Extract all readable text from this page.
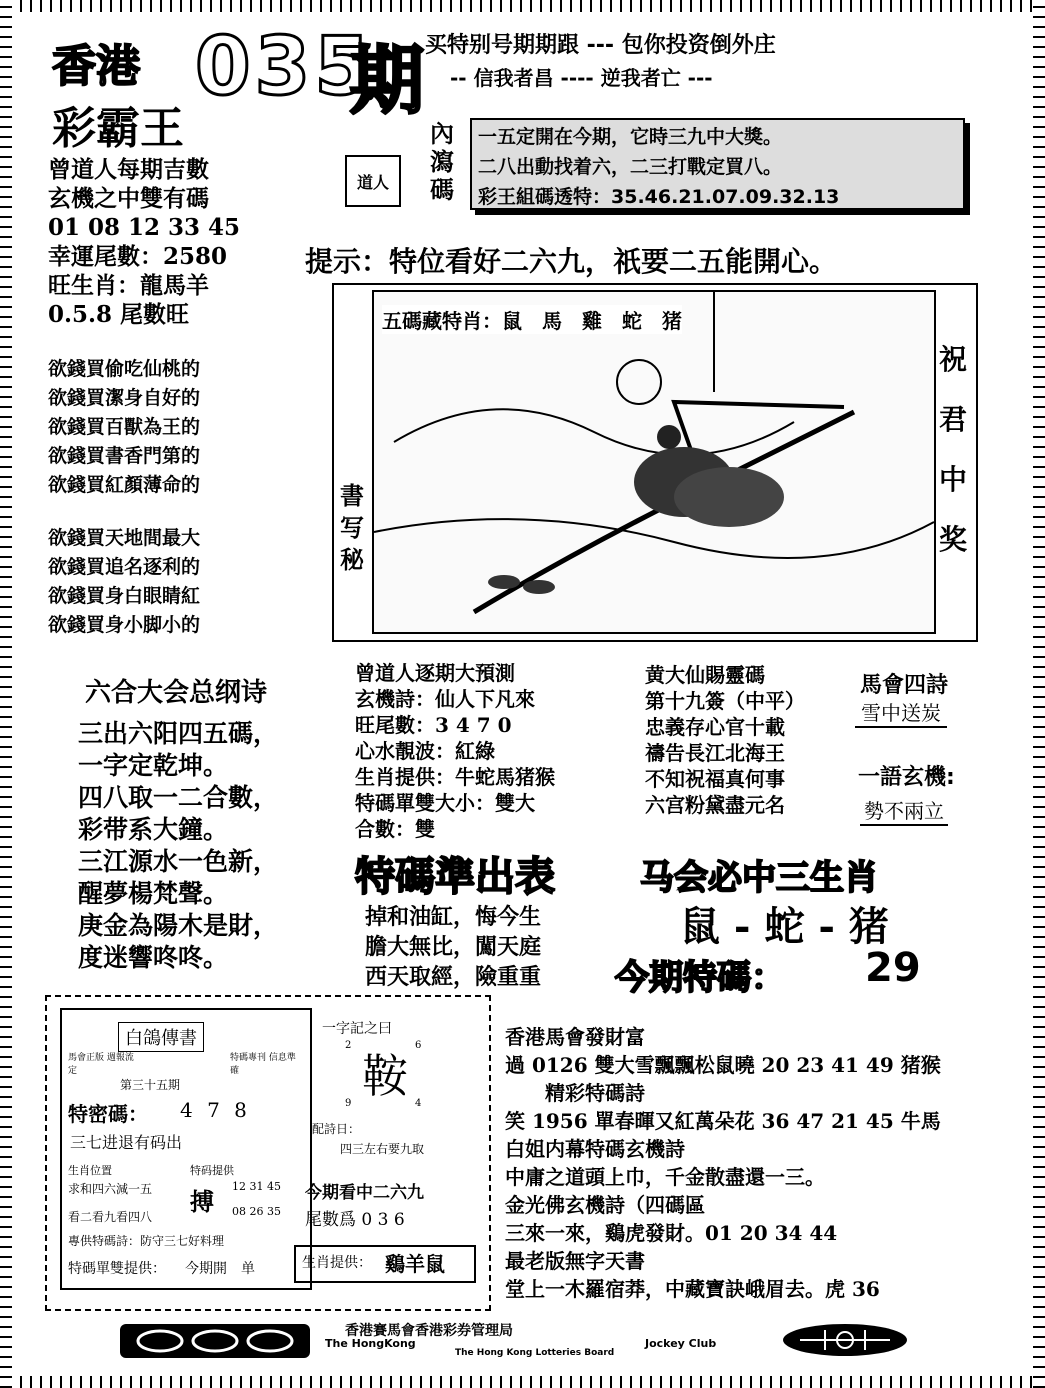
香港 035
期
彩霸王
买特别号期期跟 --- 包你投资倒外庄
-- 信我者昌 ---- 逆我者亡 ---
曾道人每期吉數
玄機之中雙有碼
01 08 12 33 45
幸運尾數：2580
旺生肖：龍馬羊
0.5.8 尾數旺
道人
內瀉碼
一五定開在今期，它時三九中大獎。
二八出動找着六，二三打戰定買八。
彩王組碼透特：35.46.21.07.09.32.13
提示：特位看好二六九，祇要二五能開心。
欲錢買偷吃仙桃的
欲錢買潔身自好的
欲錢買百獸為王的
欲錢買書香門第的
欲錢買紅顏薄命的
欲錢買天地間最大
欲錢買追名逐利的
欲錢買身白眼睛紅
欲錢買身小脚小的
五碼藏特肖：鼠　馬　雞　蛇　猪
書写秘
祝
君
中
奖
六合大会总纲诗
三出六阳四五碼，
一字定乾坤。
四八取一二合數，
彩带系大鐘。
三江源水一色新，
醒夢楊梵聲。
庚金為陽木是財，
度迷響咚咚。
曾道人逐期大預測
玄機詩：仙人下凡來
旺尾數：3 4 7 0
心水靚波：紅綠
生肖提供：牛蛇馬猪猴
特碼單雙大小：雙大
合數：雙
黄大仙賜靈碼
第十九簽（中平）
忠義存心官十載
禱告長江北海王
不知祝福真何事
六宫粉黛盡元名
馬會四詩
雪中送炭
一語玄機:
勢不兩立
特碼準出表
掉和油缸，悔今生
膽大無比，闖天庭
西天取經，險重重
马会必中三生肖
鼠 - 蛇 - 猪
今期特碼： 29
白鴿傳書
馬會正版 週報流定
特碼專刊 信息準確
第三十五期
特密碼： 4 7 8
三七进退有码出
生肖位置
求和四六減一五
看二看九看四八
特码提供
搏
12 31 45
08 26 35
專供特碼詩：防守三七好料理
特碼單雙提供： 今期開　单
一字記之曰
2	6
鞍
9	4
配詩日：
四三左右要九取
今期看中二六九
尾數爲 0 3 6
生肖提供： 鷄羊鼠
香港馬會發財富
過 0126 雙大雪飄飄松鼠曉 20 23 41 49 猪猴
　　精彩特碼詩
笑 1956 單春暉又紅萬朵花 36 47 21 45 牛馬
白姐内幕特碼玄機詩
中庸之道頭上巾，千金散盡還一三。
金光佛玄機詩（四碼區
三來一來，鷄虎發財。01 20 34 44
最老版無字天書
堂上一木羅宿莽，中藏寶訣峨眉去。虎 36
香港賽馬會香港彩券管理局
The HongKong	Jockey Club
The Hong Kong Lotteries Board
